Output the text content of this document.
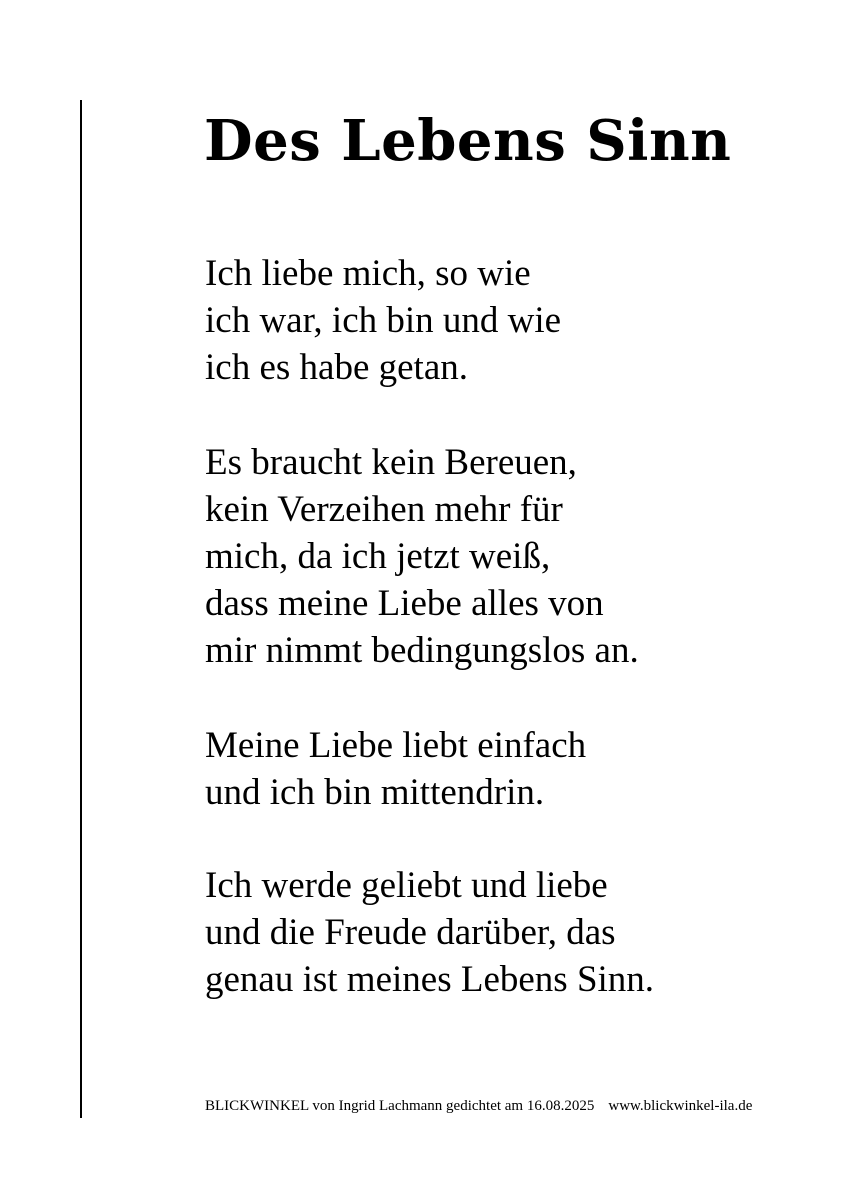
Des Lebens Sinn
Ich liebe mich, so wie
ich war, ich bin und wie
ich es habe getan.
Es braucht kein Bereuen,
kein Verzeihen mehr für
mich, da ich jetzt weiß,
dass meine Liebe alles von
mir nimmt bedingungslos an.
Meine Liebe liebt einfach
und ich bin mittendrin.
Ich werde geliebt und liebe
und die Freude darüber, das
genau ist meines Lebens Sinn.

BLICKWINKEL von Ingrid Lachmann gedichtet am 16.08.2025 www.blickwinkel-ila.de
